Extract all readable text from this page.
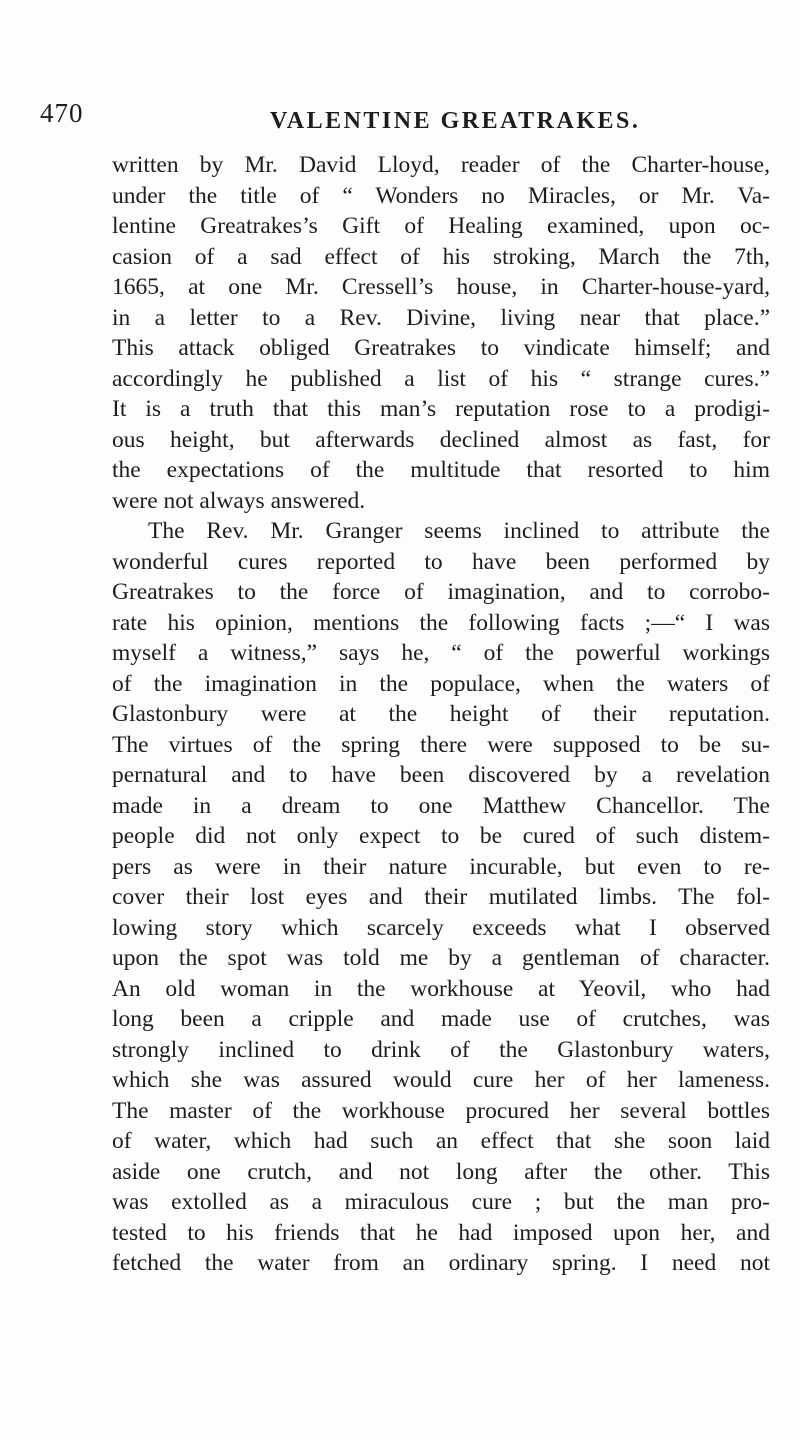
470	VALENTINE GREATRAKES.
written by Mr. David Lloyd, reader of the Charter-house,
under the title of “ Wonders no Miracles, or Mr. Va-
lentine Greatrakes’s Gift of Healing examined, upon oc-
casion of a sad effect of his stroking, March the 7th,
1665, at one Mr. Cressell’s house, in Charter-house-yard,
in a letter to a Rev. Divine, living near that place.”
This attack obliged Greatrakes to vindicate himself; and
accordingly he published a list of his “ strange cures.”
It is a truth that this man’s reputation rose to a prodigi-
ous height, but afterwards declined almost as fast, for
the expectations of the multitude that resorted to him
were not always answered.
The Rev. Mr. Granger seems inclined to attribute the
wonderful cures reported to have been performed by
Greatrakes to the force of imagination, and to corrobo-
rate his opinion, mentions the following facts ;—“ I was
myself a witness,” says he, “ of the powerful workings
of the imagination in the populace, when the waters of
Glastonbury were at the height of their reputation.
The virtues of the spring there were supposed to be su-
pernatural and to have been discovered by a revelation
made in a dream to one Matthew Chancellor. The
people did not only expect to be cured of such distem-
pers as were in their nature incurable, but even to re-
cover their lost eyes and their mutilated limbs. The fol-
lowing story which scarcely exceeds what I observed
upon the spot was told me by a gentleman of character.
An old woman in the workhouse at Yeovil, who had
long been a cripple and made use of crutches, was
strongly inclined to drink of the Glastonbury waters,
which she was assured would cure her of her lameness.
The master of the workhouse procured her several bottles
of water, which had such an effect that she soon laid
aside one crutch, and not long after the other. This
was extolled as a miraculous cure ; but the man pro-
tested to his friends that he had imposed upon her, and
fetched the water from an ordinary spring. I need not
